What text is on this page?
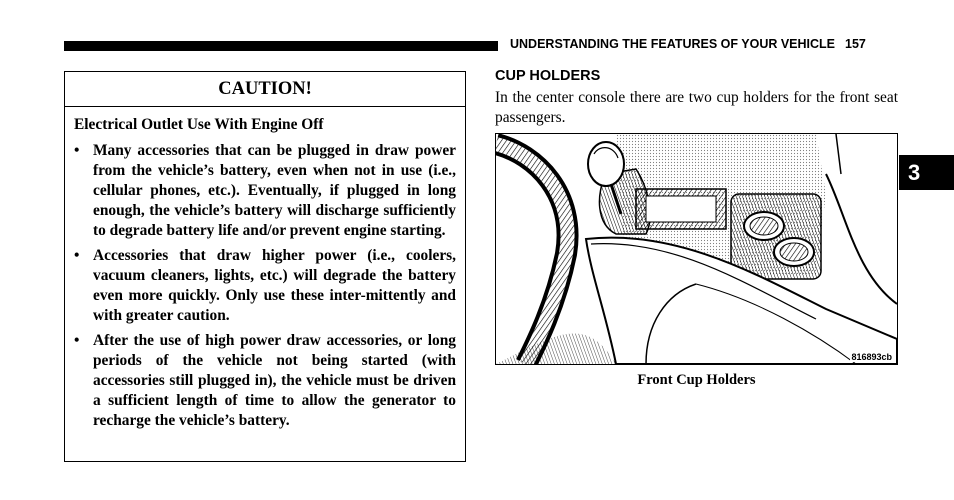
UNDERSTANDING THE FEATURES OF YOUR VEHICLE 157
3
CAUTION!
Electrical Outlet Use With Engine Off
• Many accessories that can be plugged in draw power from the vehicle’s battery, even when not in use (i.e., cellular phones, etc.). Eventually, if plugged in long enough, the vehicle’s battery will discharge sufficiently to degrade battery life and/or prevent engine starting.
• Accessories that draw higher power (i.e., coolers, vacuum cleaners, lights, etc.) will degrade the battery even more quickly. Only use these inter-mittently and with greater caution.
• After the use of high power draw accessories, or long periods of the vehicle not being started (with accessories still plugged in), the vehicle must be driven a sufficient length of time to allow the generator to recharge the vehicle’s battery.
CUP HOLDERS
In the center console there are two cup holders for the front seat passengers.
816893cb
Front Cup Holders
